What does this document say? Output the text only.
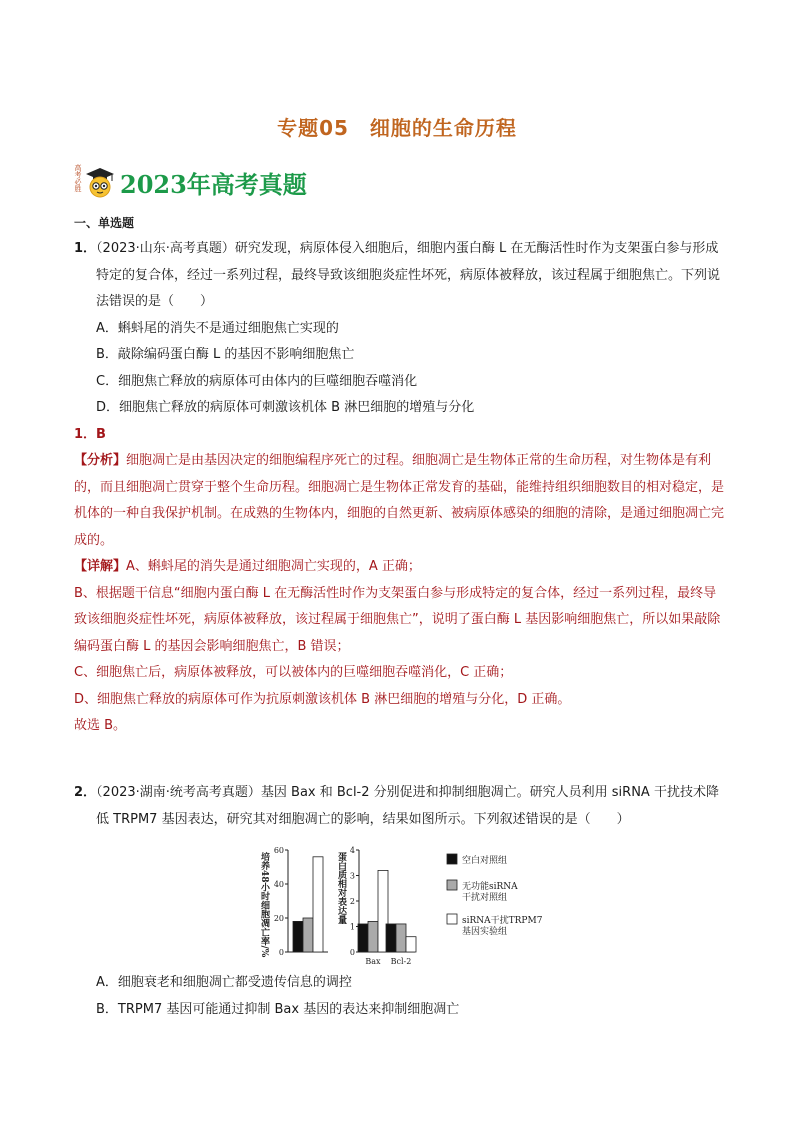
专题05　细胞的生命历程
高考必胜 2023年高考真题
一、单选题
1．（2023·山东·高考真题）研究发现，病原体侵入细胞后，细胞内蛋白酶 L 在无酶活性时作为支架蛋白参与形成特定的复合体，经过一系列过程，最终导致该细胞炎症性坏死，病原体被释放，该过程属于细胞焦亡。下列说法错误的是（　　）
A．蝌蚪尾的消失不是通过细胞焦亡实现的
B．敲除编码蛋白酶 L 的基因不影响细胞焦亡
C．细胞焦亡释放的病原体可由体内的巨噬细胞吞噬消化
D．细胞焦亡释放的病原体可刺激该机体 B 淋巴细胞的增殖与分化
1．B
【分析】细胞凋亡是由基因决定的细胞编程序死亡的过程。细胞凋亡是生物体正常的生命历程，对生物体是有利的，而且细胞凋亡贯穿于整个生命历程。细胞凋亡是生物体正常发育的基础，能维持组织细胞数目的相对稳定，是机体的一种自我保护机制。在成熟的生物体内，细胞的自然更新、被病原体感染的细胞的清除，是通过细胞凋亡完成的。
【详解】A、蝌蚪尾的消失是通过细胞凋亡实现的，A 正确；
B、根据题干信息“细胞内蛋白酶 L 在无酶活性时作为支架蛋白参与形成特定的复合体，经过一系列过程，最终导致该细胞炎症性坏死，病原体被释放，该过程属于细胞焦亡”，说明了蛋白酶 L 基因影响细胞焦亡，所以如果敲除编码蛋白酶 L 的基因会影响细胞焦亡，B 错误；
C、细胞焦亡后，病原体被释放，可以被体内的巨噬细胞吞噬消化，C 正确；
D、细胞焦亡释放的病原体可作为抗原刺激该机体 B 淋巴细胞的增殖与分化，D 正确。
故选 B。
2．（2023·湖南·统考高考真题）基因 Bax 和 Bcl-2 分别促进和抑制细胞凋亡。研究人员利用 siRNA 干扰技术降低 TRPM7 基因表达，研究其对细胞凋亡的影响，结果如图所示。下列叙述错误的是（　　）
0
20
40
60
培养48小时细胞凋亡率/%	0
1
2
3
4
蛋白质相对表达量
Bax Bcl-2
空白对照组
无功能siRNA
干扰对照组
siRNA干扰TRPM7
基因实验组
A．细胞衰老和细胞凋亡都受遗传信息的调控
B．TRPM7 基因可能通过抑制 Bax 基因的表达来抑制细胞凋亡
